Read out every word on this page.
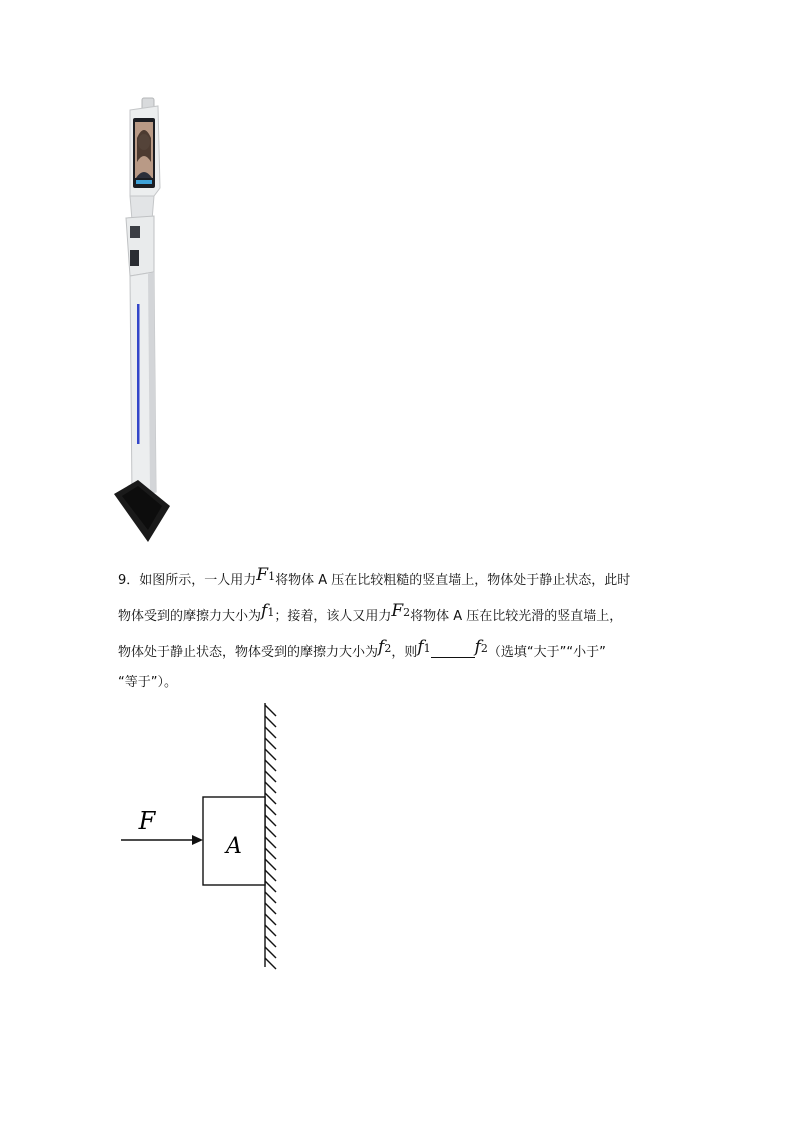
9．如图所示，一人用力F1将物体 A 压在比较粗糙的竖直墙上，物体处于静止状态，此时
物体受到的摩擦力大小为f1；接着，该人又用力F2将物体 A 压在比较光滑的竖直墙上，
物体处于静止状态，物体受到的摩擦力大小为f2，则f1	f2（选填“大于”“小于”
“等于”）。
A
F
